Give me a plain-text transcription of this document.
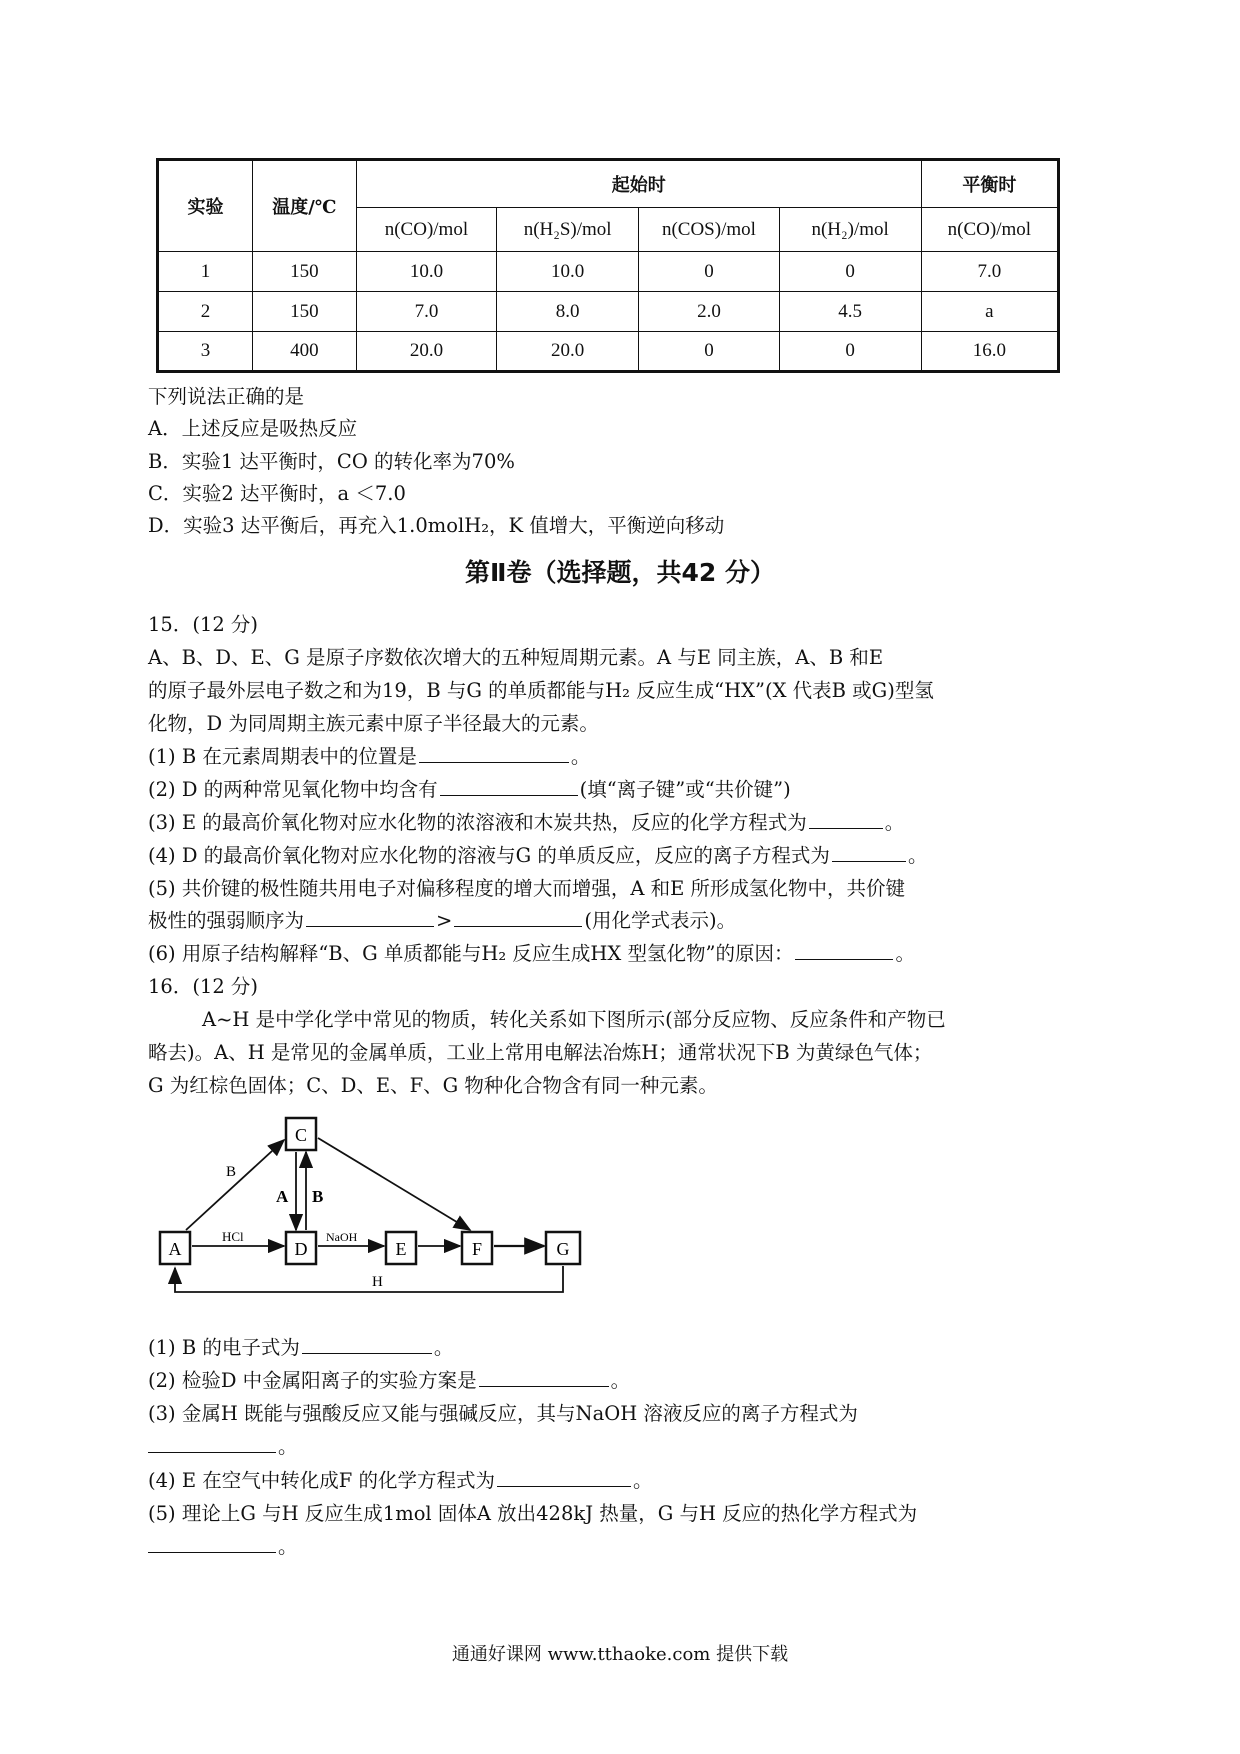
实验	温度/℃	起始时				平衡时
		n(CO)/mol	n(H₂S)/mol	n(COS)/mol	n(H₂)/mol	n(CO)/mol
1	150	10.0	10.0	0	0	7.0
2	150	7.0	8.0	2.0	4.5	a
3	400	20.0	20.0	0	0	16.0
下列说法正确的是
A．上述反应是吸热反应
B．实验1 达平衡时，CO 的转化率为70%
C．实验2 达平衡时，a ＜7.0
D．实验3 达平衡后，再充入1.0molH₂，K 值增大，平衡逆向移动
第Ⅱ卷（选择题，共42 分）
15．(12 分)
A、B、D、E、G 是原子序数依次增大的五种短周期元素。A 与E 同主族，A、B 和E
的原子最外层电子数之和为19，B 与G 的单质都能与H₂ 反应生成“HX”(X 代表B 或G)型氢
化物，D 为同周期主族元素中原子半径最大的元素。
(1) B 在元素周期表中的位置是	。
(2) D 的两种常见氧化物中均含有	(填“离子键”或“共价键”)
(3) E 的最高价氧化物对应水化物的浓溶液和木炭共热，反应的化学方程式为	。
(4) D 的最高价氧化物对应水化物的溶液与G 的单质反应，反应的离子方程式为	。
(5) 共价键的极性随共用电子对偏移程度的增大而增强，A 和E 所形成氢化物中，共价键
极性的强弱顺序为	>	(用化学式表示)。
(6) 用原子结构解释“B、G 单质都能与H₂ 反应生成HX 型氢化物”的原因：	。
16．(12 分)
A~H 是中学化学中常见的物质，转化关系如下图所示(部分反应物、反应条件和产物已
略去)。A、H 是常见的金属单质，工业上常用电解法冶炼H；通常状况下B 为黄绿色气体；
G 为红棕色固体；C、D、E、F、G 物种化合物含有同一种元素。
A
C
D	E	F	G
B
HCl
A B
NaOH
H
(1) B 的电子式为	。
(2) 检验D 中金属阳离子的实验方案是	。
(3) 金属H 既能与强酸反应又能与强碱反应，其与NaOH 溶液反应的离子方程式为
。
(4) E 在空气中转化成F 的化学方程式为	。
(5) 理论上G 与H 反应生成1mol 固体A 放出428kJ 热量，G 与H 反应的热化学方程式为
。
通通好课网 www.tthaoke.com 提供下载
